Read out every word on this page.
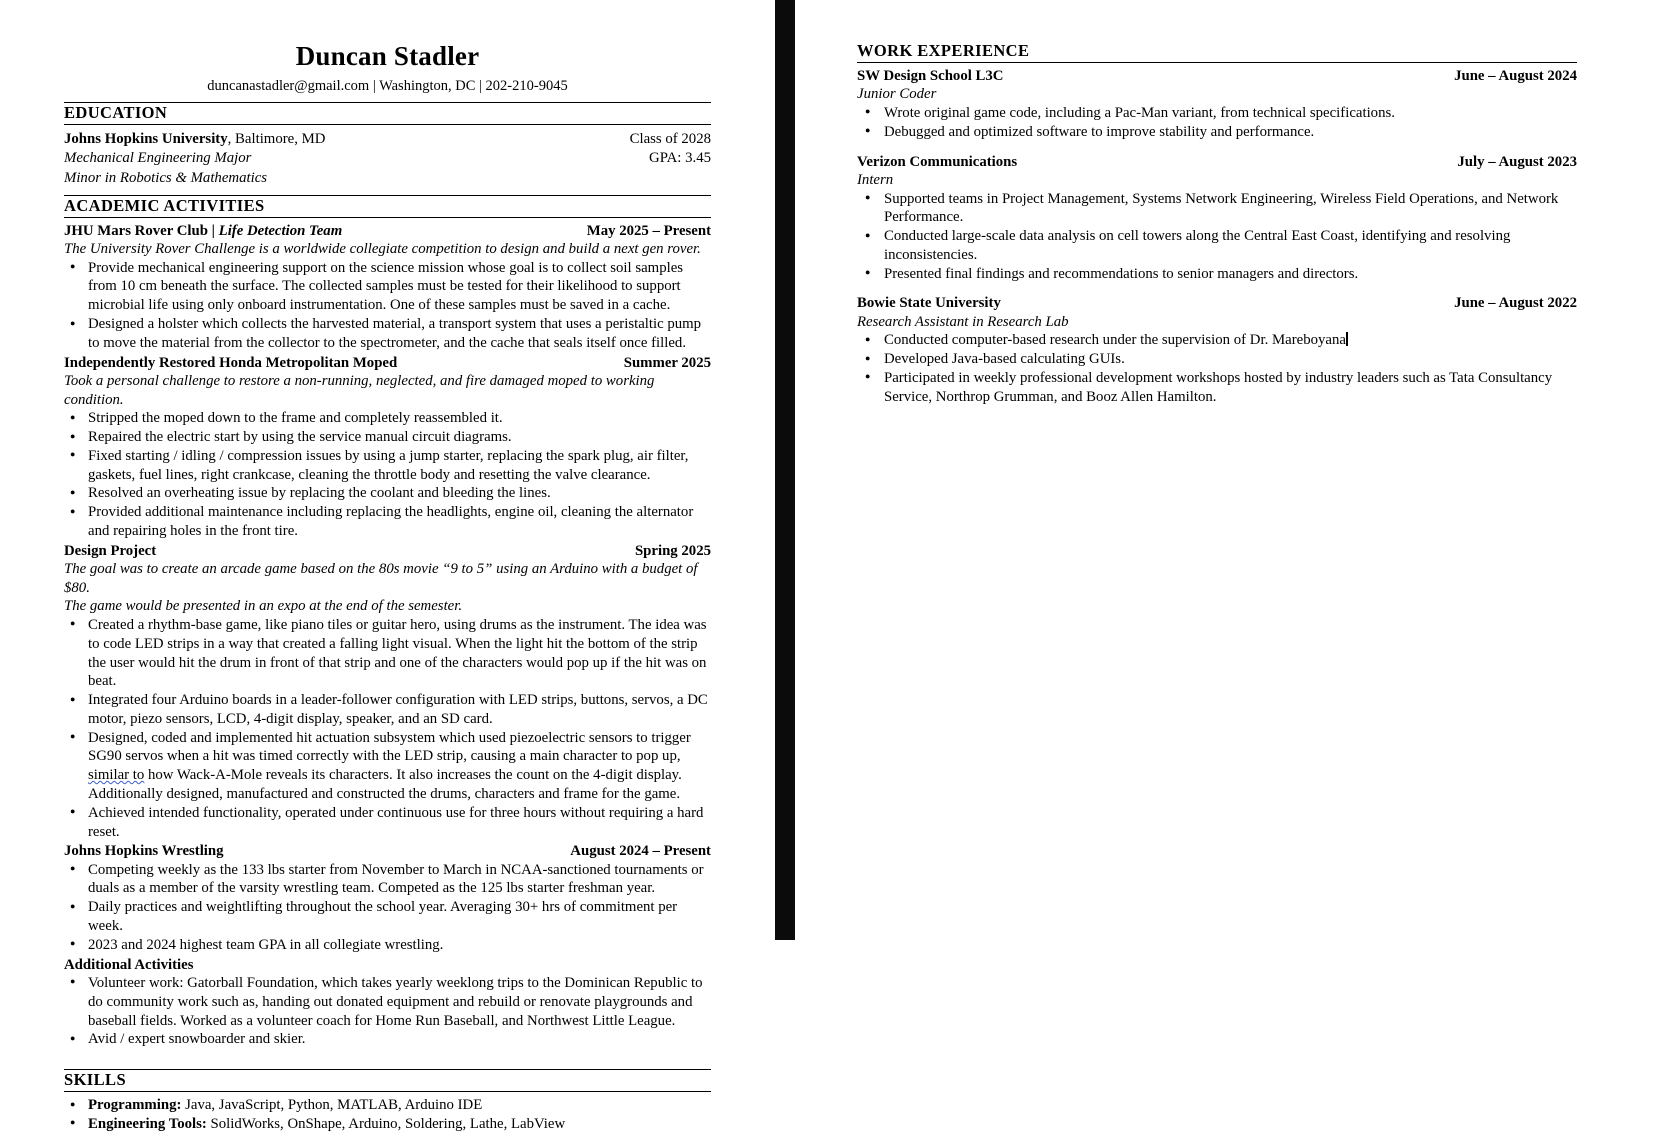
Duncan Stadler
duncanastadler@gmail.com | Washington, DC | 202-210-9045
EDUCATION
Johns Hopkins University, Baltimore, MD	Class of 2028
Mechanical Engineering Major	GPA: 3.45
Minor in Robotics & Mathematics
ACADEMIC ACTIVITIES
JHU Mars Rover Club | Life Detection Team	May 2025 – Present
The University Rover Challenge is a worldwide collegiate competition to design and build a next gen rover.
● Provide mechanical engineering support on the science mission whose goal is to collect soil samples from 10 cm beneath the surface. The collected samples must be tested for their likelihood to support microbial life using only onboard instrumentation. One of these samples must be saved in a cache.
● Designed a holster which collects the harvested material, a transport system that uses a peristaltic pump to move the material from the collector to the spectrometer, and the cache that seals itself once filled.
Independently Restored Honda Metropolitan Moped	Summer 2025
Took a personal challenge to restore a non-running, neglected, and fire damaged moped to working condition.
● Stripped the moped down to the frame and completely reassembled it.
● Repaired the electric start by using the service manual circuit diagrams.
● Fixed starting / idling / compression issues by using a jump starter, replacing the spark plug, air filter, gaskets, fuel lines, right crankcase, cleaning the throttle body and resetting the valve clearance.
● Resolved an overheating issue by replacing the coolant and bleeding the lines.
● Provided additional maintenance including replacing the headlights, engine oil, cleaning the alternator and repairing holes in the front tire.
Design Project	Spring 2025
The goal was to create an arcade game based on the 80s movie “9 to 5” using an Arduino with a budget of $80.
The game would be presented in an expo at the end of the semester.
● Created a rhythm-base game, like piano tiles or guitar hero, using drums as the instrument. The idea was to code LED strips in a way that created a falling light visual. When the light hit the bottom of the strip the user would hit the drum in front of that strip and one of the characters would pop up if the hit was on beat.
● Integrated four Arduino boards in a leader-follower configuration with LED strips, buttons, servos, a DC motor, piezo sensors, LCD, 4-digit display, speaker, and an SD card.
● Designed, coded and implemented hit actuation subsystem which used piezoelectric sensors to trigger SG90 servos when a hit was timed correctly with the LED strip, causing a main character to pop up, similar to how Wack-A-Mole reveals its characters. It also increases the count on the 4-digit display. Additionally designed, manufactured and constructed the drums, characters and frame for the game.
● Achieved intended functionality, operated under continuous use for three hours without requiring a hard reset.
Johns Hopkins Wrestling	August 2024 – Present
● Competing weekly as the 133 lbs starter from November to March in NCAA-sanctioned tournaments or duals as a member of the varsity wrestling team. Competed as the 125 lbs starter freshman year.
● Daily practices and weightlifting throughout the school year. Averaging 30+ hrs of commitment per week.
● 2023 and 2024 highest team GPA in all collegiate wrestling.
Additional Activities
● Volunteer work: Gatorball Foundation, which takes yearly weeklong trips to the Dominican Republic to do community work such as, handing out donated equipment and rebuild or renovate playgrounds and baseball fields. Worked as a volunteer coach for Home Run Baseball, and Northwest Little League.
● Avid / expert snowboarder and skier.
SKILLS
● Programming: Java, JavaScript, Python, MATLAB, Arduino IDE
● Engineering Tools: SolidWorks, OnShape, Arduino, Soldering, Lathe, LabView
WORK EXPERIENCE
SW Design School L3C	June – August 2024
Junior Coder
● Wrote original game code, including a Pac-Man variant, from technical specifications.
● Debugged and optimized software to improve stability and performance.
Verizon Communications	July – August 2023
Intern
● Supported teams in Project Management, Systems Network Engineering, Wireless Field Operations, and Network Performance.
● Conducted large-scale data analysis on cell towers along the Central East Coast, identifying and resolving inconsistencies.
● Presented final findings and recommendations to senior managers and directors.
Bowie State University	June – August 2022
Research Assistant in Research Lab
● Conducted computer-based research under the supervision of Dr. Mareboyana
● Developed Java-based calculating GUIs.
● Participated in weekly professional development workshops hosted by industry leaders such as Tata Consultancy Service, Northrop Grumman, and Booz Allen Hamilton.
